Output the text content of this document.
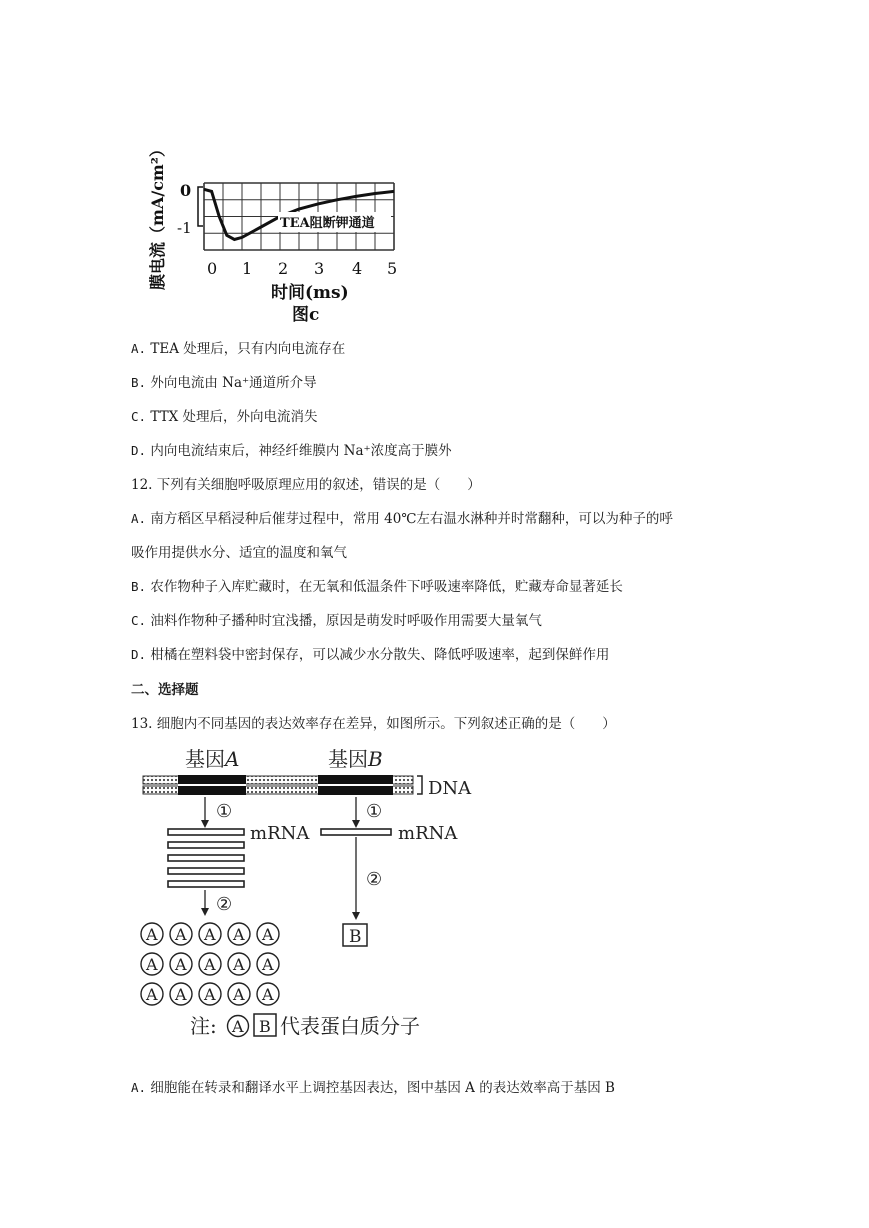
TEA阻断钾通道
0
-1
0 1 2 3 4 5
时间(ms)
图c
膜电流（mA/cm²）
A. TEA 处理后，只有内向电流存在
B. 外向电流由 Na⁺通道所介导
C. TTX 处理后，外向电流消失
D. 内向电流结束后，神经纤维膜内 Na⁺浓度高于膜外
12. 下列有关细胞呼吸原理应用的叙述，错误的是（　　）
A. 南方稻区早稻浸种后催芽过程中，常用 40℃左右温水淋种并时常翻种，可以为种子的呼
吸作用提供水分、适宜的温度和氧气
B. 农作物种子入库贮藏时，在无氧和低温条件下呼吸速率降低，贮藏寿命显著延长
C. 油料作物种子播种时宜浅播，原因是萌发时呼吸作用需要大量氧气
D. 柑橘在塑料袋中密封保存，可以减少水分散失、降低呼吸速率，起到保鲜作用
二、选择题
13. 细胞内不同基因的表达效率存在差异，如图所示。下列叙述正确的是（　　）
基因A	基因B
DNA
①	①
mRNA	mRNA
②
②
A A A A A
A A A A A
A A A A A
B
注: A B 代表蛋白质分子
A. 细胞能在转录和翻译水平上调控基因表达，图中基因 A 的表达效率高于基因 B
